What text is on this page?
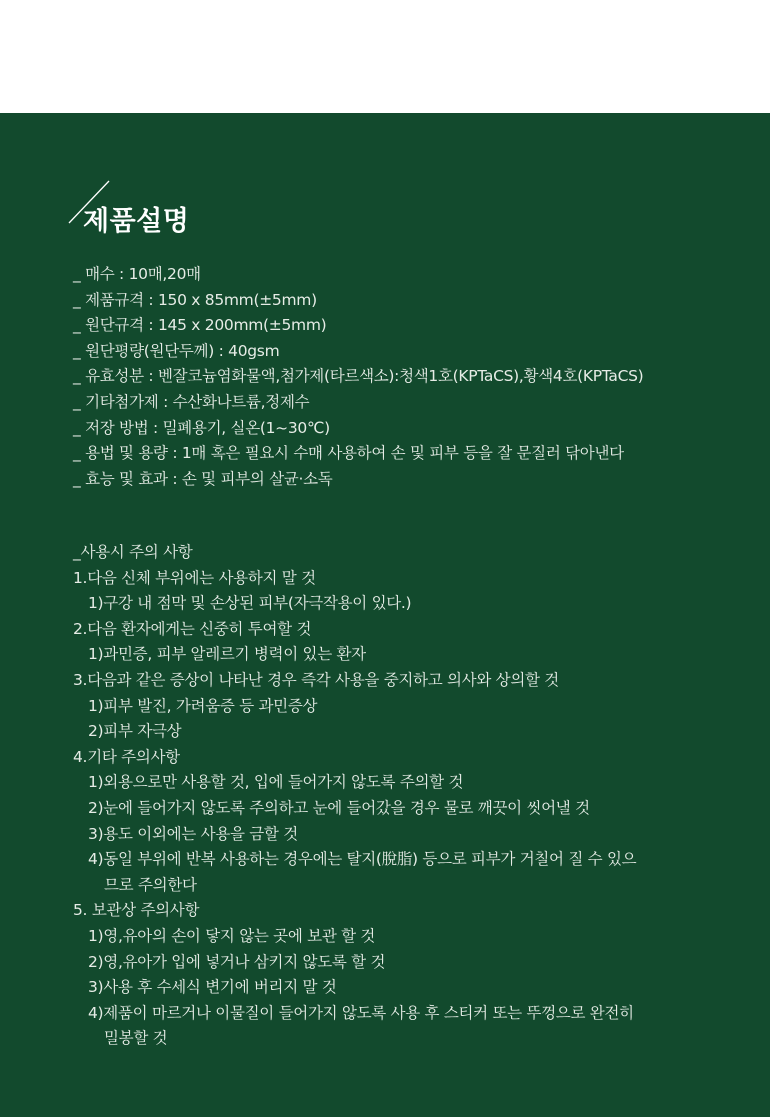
제품설명
_ 매수 : 10매,20매
_ 제품규격 : 150 x 85mm(±5mm)
_ 원단규격 : 145 x 200mm(±5mm)
_ 원단평량(원단두께) : 40gsm
_ 유효성분 : 벤잘코늄염화물액,첨가제(타르색소):청색1호(KPTaCS),황색4호(KPTaCS)
_ 기타첨가제 : 수산화나트륨,정제수
_ 저장 방법 : 밀폐용기, 실온(1~30℃)
_ 용법 및 용량 : 1매 혹은 필요시 수매 사용하여 손 및 피부 등을 잘 문질러 닦아낸다
_ 효능 및 효과 : 손 및 피부의 살균·소독
_사용시 주의 사항
1.다음 신체 부위에는 사용하지 말 것
1)구강 내 점막 및 손상된 피부(자극작용이 있다.)
2.다음 환자에게는 신중히 투여할 것
1)과민증, 피부 알레르기 병력이 있는 환자
3.다음과 같은 증상이 나타난 경우 즉각 사용을 중지하고 의사와 상의할 것
1)피부 발진, 가려움증 등 과민증상
2)피부 자극상
4.기타 주의사항
1)외용으로만 사용할 것, 입에 들어가지 않도록 주의할 것
2)눈에 들어가지 않도록 주의하고 눈에 들어갔을 경우 물로 깨끗이 씻어낼 것
3)용도 이외에는 사용을 금할 것
4)동일 부위에 반복 사용하는 경우에는 탈지(脫脂) 등으로 피부가 거칠어 질 수 있으
므로 주의한다
5. 보관상 주의사항
1)영,유아의 손이 닿지 않는 곳에 보관 할 것
2)영,유아가 입에 넣거나 삼키지 않도록 할 것
3)사용 후 수세식 변기에 버리지 말 것
4)제품이 마르거나 이물질이 들어가지 않도록 사용 후 스티커 또는 뚜껑으로 완전히
밀봉할 것
